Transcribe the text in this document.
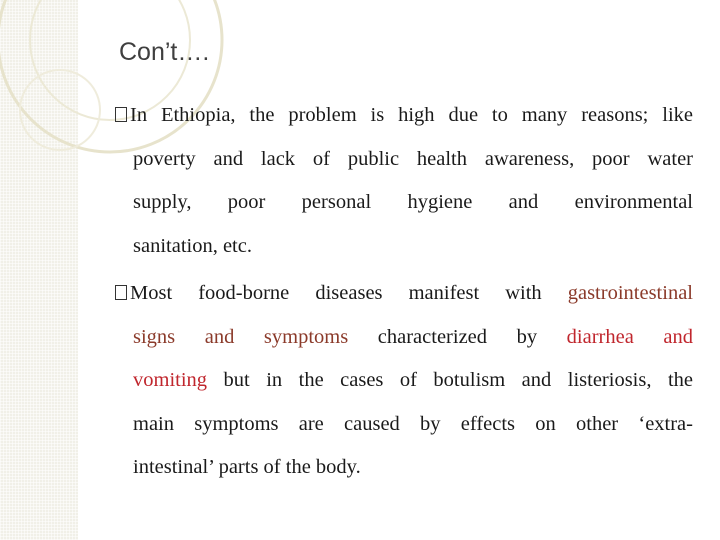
Con’t….
In Ethiopia, the problem is high due to many reasons; like
poverty and lack of public health awareness, poor water
supply, poor personal hygiene and environmental
sanitation, etc.
Most food-borne diseases manifest with gastrointestinal
signs and symptoms characterized by diarrhea and
vomiting but in the cases of botulism and listeriosis, the
main symptoms are caused by effects on other ‘extra-
intestinal’ parts of the body.
